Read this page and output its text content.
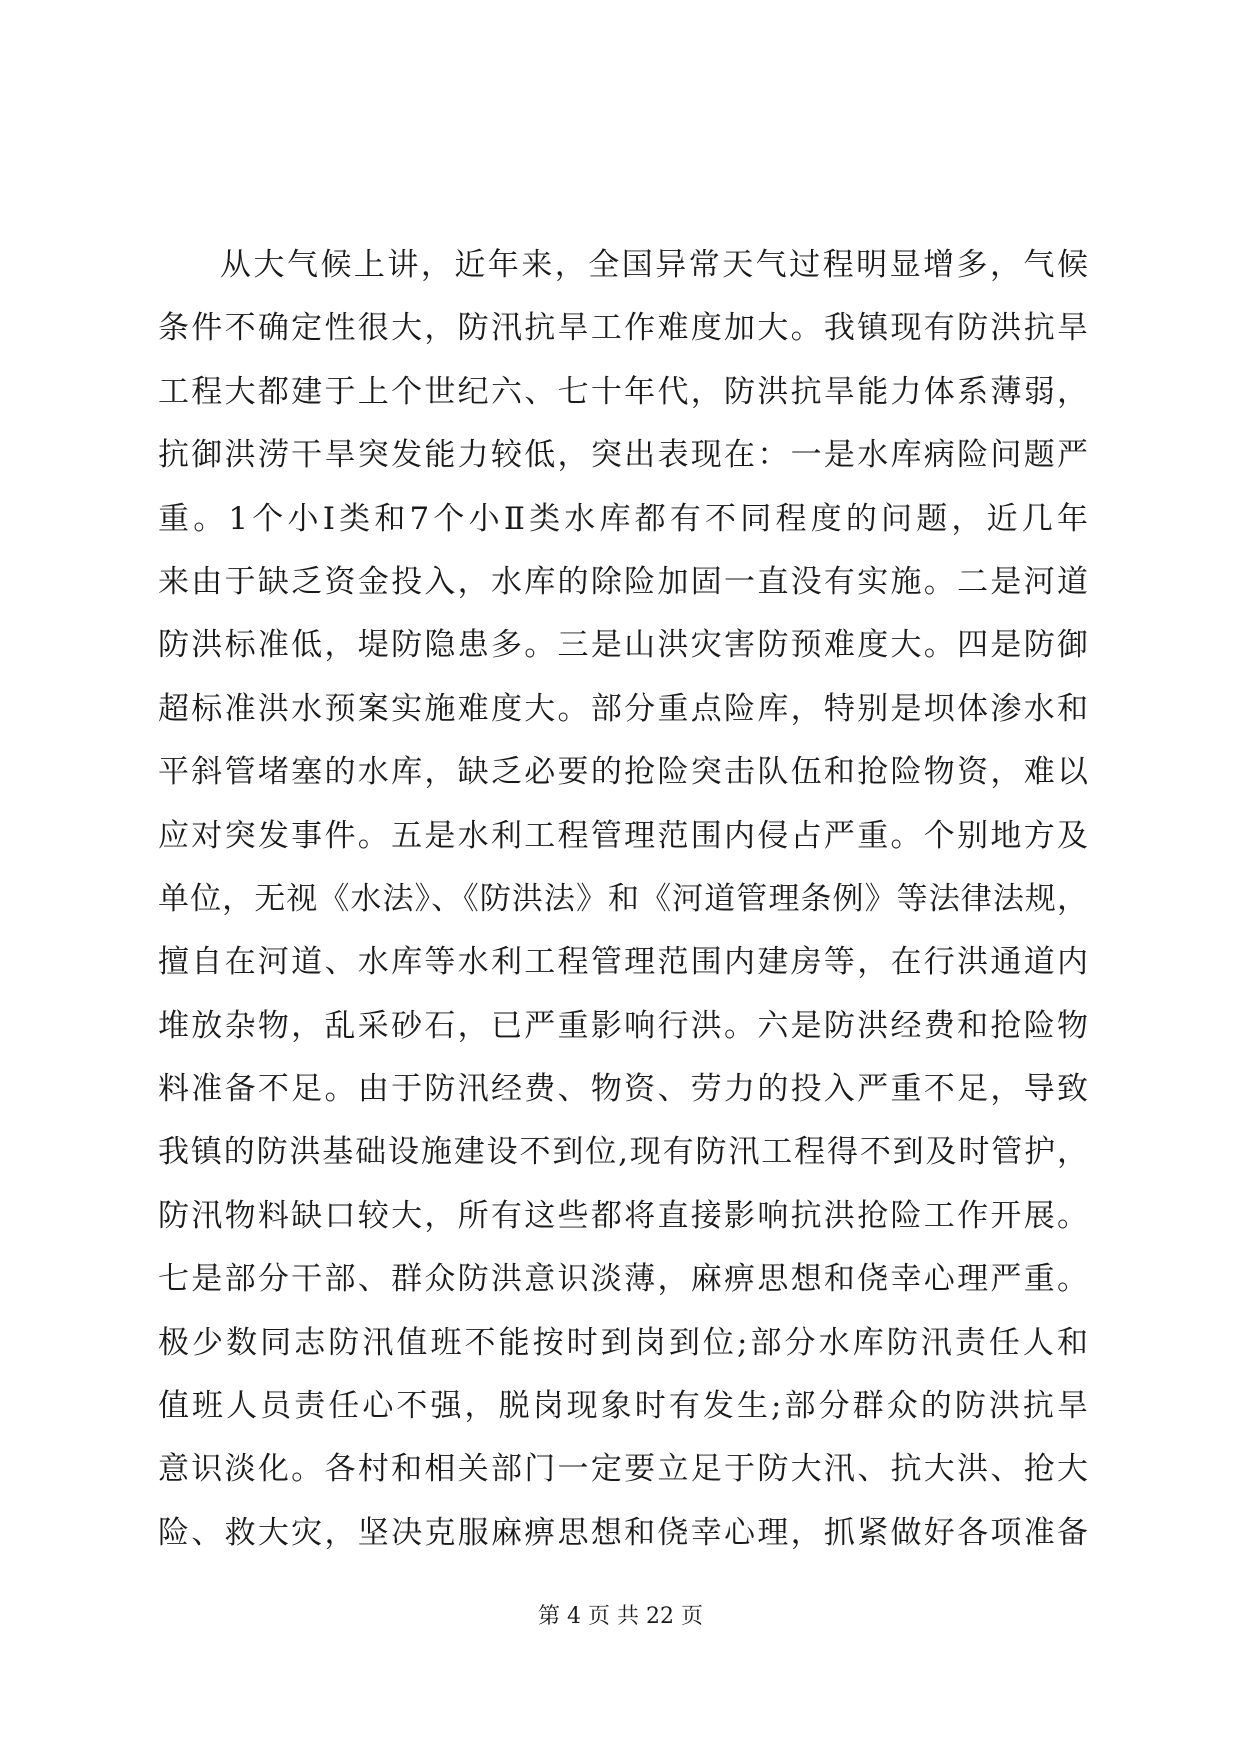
从大气候上讲，近年来，全国异常天气过程明显增多，气候
条件不确定性很大，防汛抗旱工作难度加大。我镇现有防洪抗旱
工程大都建于上个世纪六、七十年代，防洪抗旱能力体系薄弱，
抗御洪涝干旱突发能力较低，突出表现在：一是水库病险问题严
重。1个小Ⅰ类和7个小Ⅱ类水库都有不同程度的问题，近几年
来由于缺乏资金投入，水库的除险加固一直没有实施。二是河道
防洪标准低，堤防隐患多。三是山洪灾害防预难度大。四是防御
超标准洪水预案实施难度大。部分重点险库，特别是坝体渗水和
平斜管堵塞的水库，缺乏必要的抢险突击队伍和抢险物资，难以
应对突发事件。五是水利工程管理范围内侵占严重。个别地方及
单位，无视《水法》、《防洪法》和《河道管理条例》等法律法规，
擅自在河道、水库等水利工程管理范围内建房等，在行洪通道内
堆放杂物，乱采砂石，已严重影响行洪。六是防洪经费和抢险物
料准备不足。由于防汛经费、物资、劳力的投入严重不足，导致
我镇的防洪基础设施建设不到位,现有防汛工程得不到及时管护，
防汛物料缺口较大，所有这些都将直接影响抗洪抢险工作开展。
七是部分干部、群众防洪意识淡薄，麻痹思想和侥幸心理严重。
极少数同志防汛值班不能按时到岗到位;部分水库防汛责任人和
值班人员责任心不强，脱岗现象时有发生;部分群众的防洪抗旱
意识淡化。各村和相关部门一定要立足于防大汛、抗大洪、抢大
险、救大灾，坚决克服麻痹思想和侥幸心理，抓紧做好各项准备
第 4 页 共 22 页
